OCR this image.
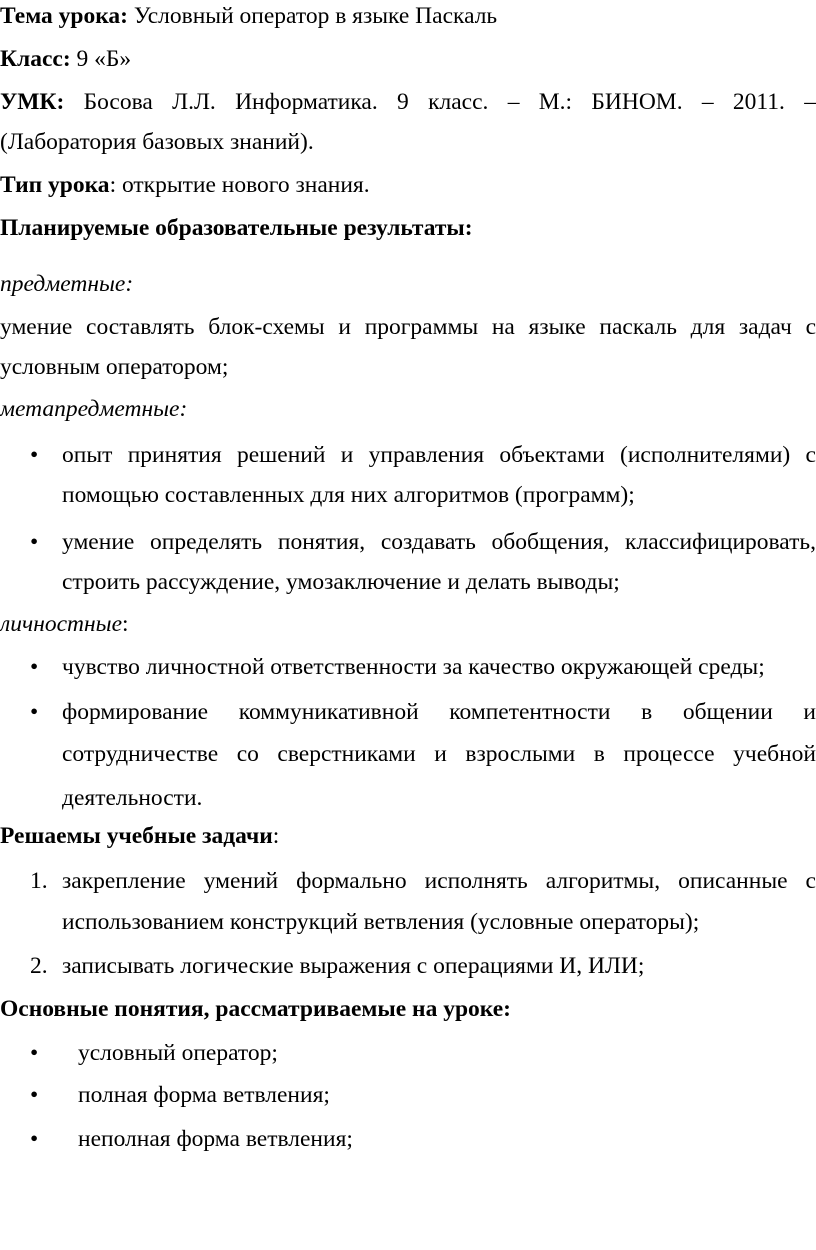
Тема урока: Условный оператор в языке Паскаль
Класс: 9 «Б»
УМК: Босова Л.Л. Информатика. 9 класс. – М.: БИНОМ. – 2011. –
(Лаборатория базовых знаний).
Тип урока: открытие нового знания.
Планируемые образовательные результаты:
предметные:
умение составлять блок-схемы и программы на языке паскаль для задач с
условным оператором;
метапредметные:
• опыт принятия решений и управления объектами (исполнителями) с
помощью составленных для них алгоритмов (программ);
• умение определять понятия, создавать обобщения, классифицировать,
строить рассуждение, умозаключение и делать выводы;
личностные:
• чувство личностной ответственности за качество окружающей среды;
• формирование коммуникативной компетентности в общении и
сотрудничестве со сверстниками и взрослыми в процессе учебной
деятельности.
Решаемы учебные задачи:
1. закрепление умений формально исполнять алгоритмы, описанные с
использованием конструкций ветвления (условные операторы);
2. записывать логические выражения с операциями И, ИЛИ;
Основные понятия, рассматриваемые на уроке:
• условный оператор;
• полная форма ветвления;
• неполная форма ветвления;
